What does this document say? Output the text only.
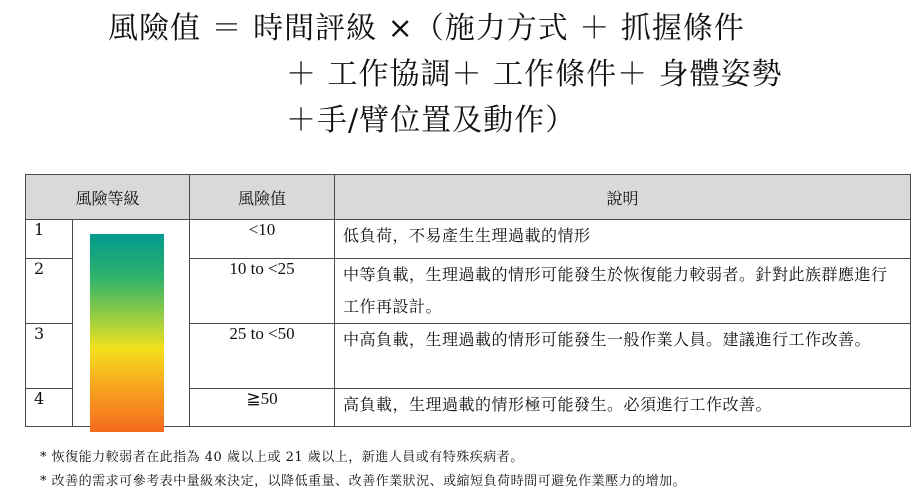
風險值 ＝ 時間評級 ×（施力方式 ＋ 抓握條件
＋ 工作協調＋ 工作條件＋ 身體姿勢
＋手/臂位置及動作）
風險等級		風險值	說明
1		<10	低負荷，不易產生生理過載的情形
2		10 to <25	中等負載，生理過載的情形可能發生於恢復能力較弱者。針對此族群應進行工作再設計。
3		25 to <50	中高負載，生理過載的情形可能發生一般作業人員。建議進行工作改善。
4		≧50	高負載，生理過載的情形極可能發生。必須進行工作改善。
* 恢復能力較弱者在此指為 40 歲以上或 21 歲以上，新進人員或有特殊疾病者。
* 改善的需求可參考表中量級來決定，以降低重量、改善作業狀況、或縮短負荷時間可避免作業壓力的增加。
